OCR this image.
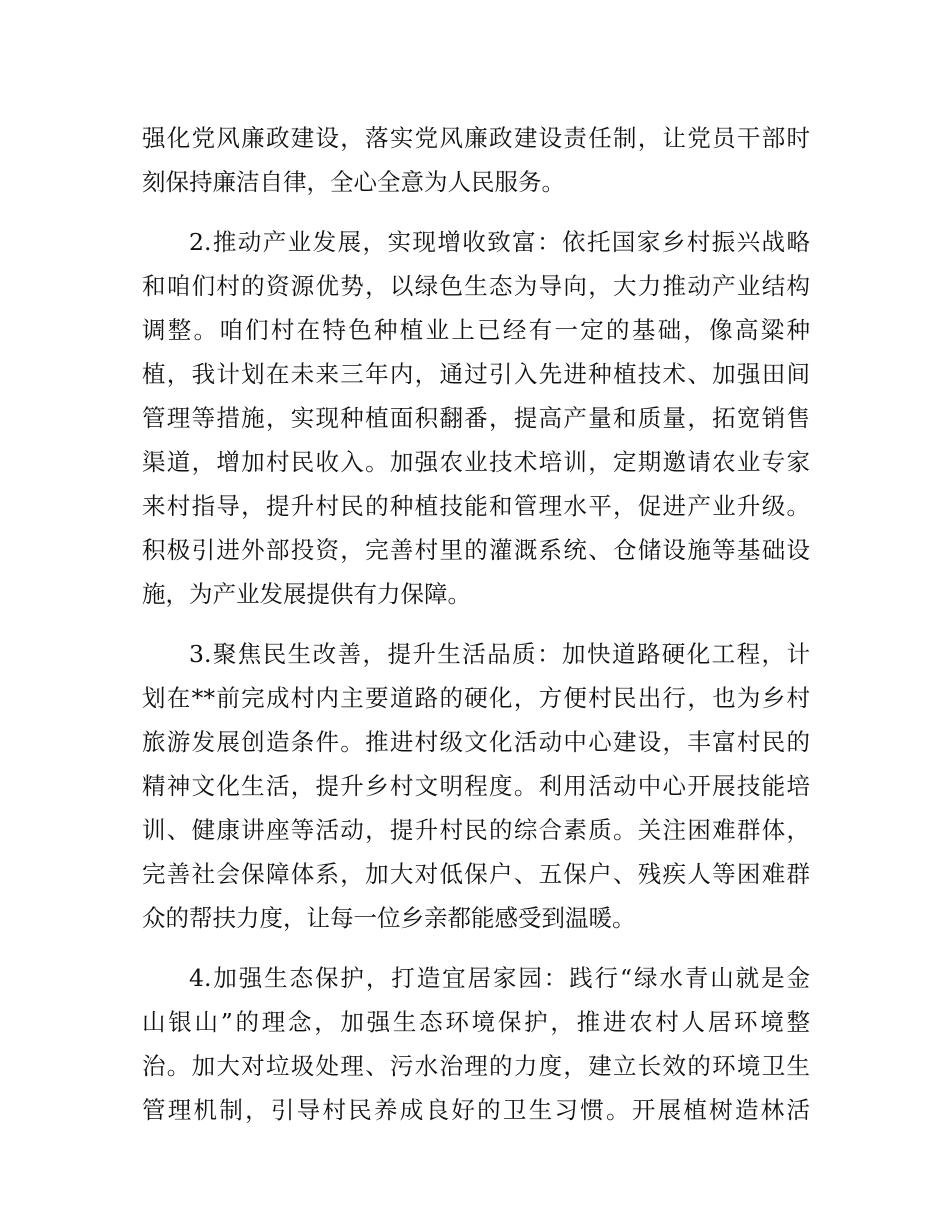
强化党风廉政建设，落实党风廉政建设责任制，让党员干部时
刻保持廉洁自律，全心全意为人民服务。
2.推动产业发展，实现增收致富：依托国家乡村振兴战略
和咱们村的资源优势，以绿色生态为导向，大力推动产业结构
调整。咱们村在特色种植业上已经有一定的基础，像高粱种
植，我计划在未来三年内，通过引入先进种植技术、加强田间
管理等措施，实现种植面积翻番，提高产量和质量，拓宽销售
渠道，增加村民收入。加强农业技术培训，定期邀请农业专家
来村指导，提升村民的种植技能和管理水平，促进产业升级。
积极引进外部投资，完善村里的灌溉系统、仓储设施等基础设
施，为产业发展提供有力保障。
3.聚焦民生改善，提升生活品质：加快道路硬化工程，计
划在**前完成村内主要道路的硬化，方便村民出行，也为乡村
旅游发展创造条件。推进村级文化活动中心建设，丰富村民的
精神文化生活，提升乡村文明程度。利用活动中心开展技能培
训、健康讲座等活动，提升村民的综合素质。关注困难群体，
完善社会保障体系，加大对低保户、五保户、残疾人等困难群
众的帮扶力度，让每一位乡亲都能感受到温暖。
4.加强生态保护，打造宜居家园：践行“绿水青山就是金
山银山”的理念，加强生态环境保护，推进农村人居环境整
治。加大对垃圾处理、污水治理的力度，建立长效的环境卫生
管理机制，引导村民养成良好的卫生习惯。开展植树造林活
